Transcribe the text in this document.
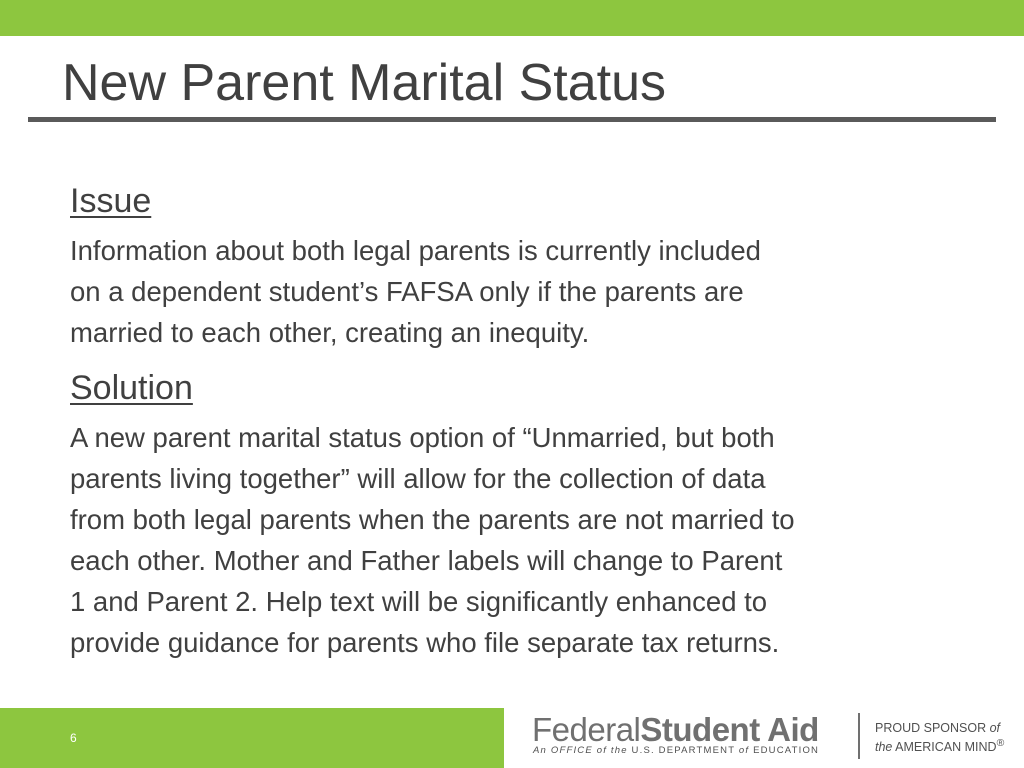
New Parent Marital Status
Issue

Information about both legal parents is currently included
on a dependent student’s FAFSA only if the parents are
married to each other, creating an inequity.

Solution

A new parent marital status option of “Unmarried, but both
parents living together” will allow for the collection of data
from both legal parents when the parents are not married to
each other. Mother and Father labels will change to Parent
1 and Parent 2. Help text will be significantly enhanced to
provide guidance for parents who file separate tax returns.

6	FederalStudent Aid
An OFFICE of the U.S. DEPARTMENT of EDUCATION
PROUD SPONSOR of
the AMERICAN MIND®
